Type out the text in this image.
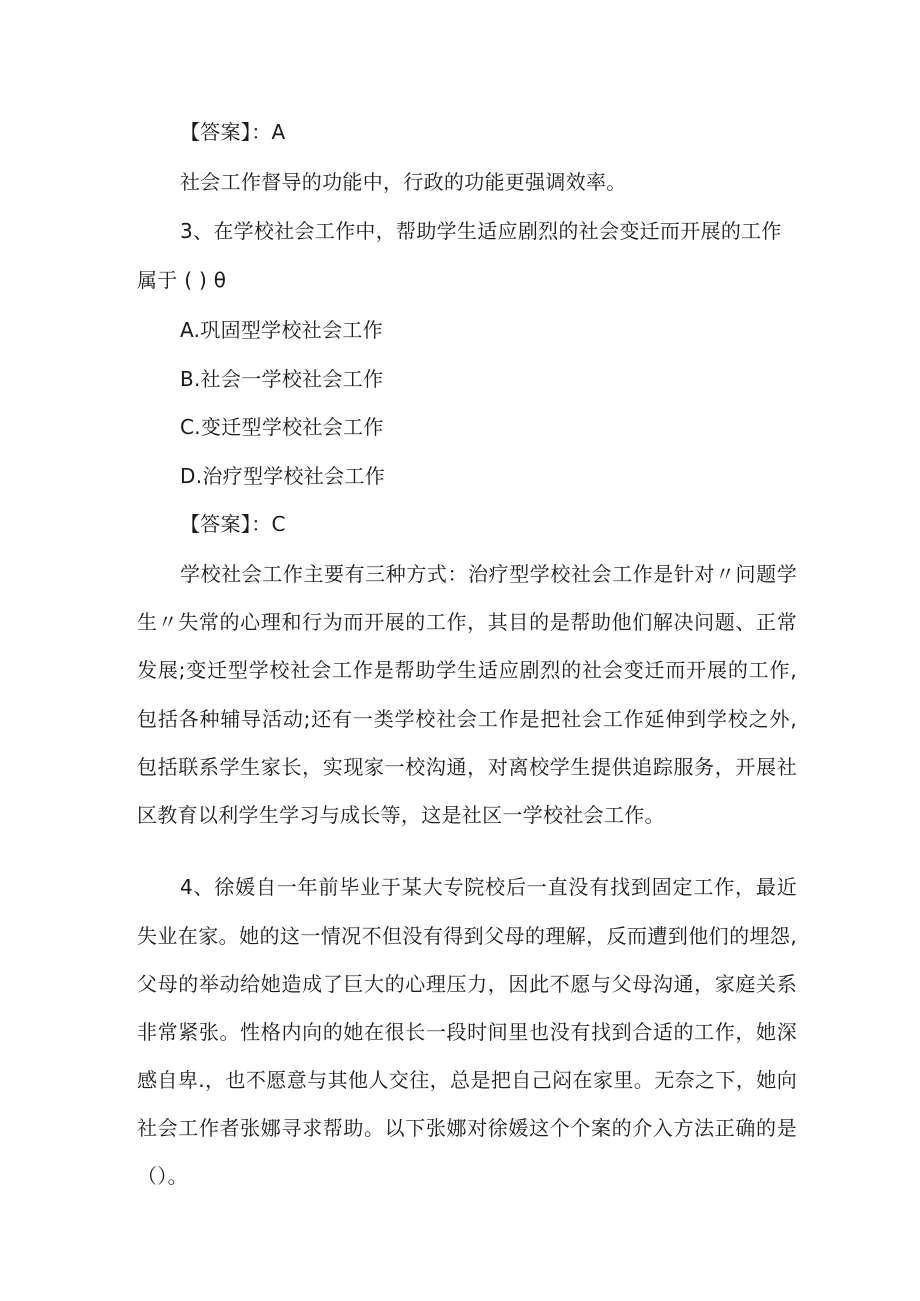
【答案】：A
社会工作督导的功能中，行政的功能更强调效率。
3、在学校社会工作中，帮助学生适应剧烈的社会变迁而开展的工作
属于 ( ) θ
A.巩固型学校社会工作
B.社会一学校社会工作
C.变迁型学校社会工作
D.治疗型学校社会工作
【答案】：C
学校社会工作主要有三种方式：治疗型学校社会工作是针对〃问题学
生〃失常的心理和行为而开展的工作，其目的是帮助他们解决问题、正常
发展;变迁型学校社会工作是帮助学生适应剧烈的社会变迁而开展的工作,
包括各种辅导活动;还有一类学校社会工作是把社会工作延伸到学校之外,
包括联系学生家长，实现家一校沟通，对离校学生提供追踪服务，开展社
区教育以利学生学习与成长等，这是社区一学校社会工作。
4、徐媛自一年前毕业于某大专院校后一直没有找到固定工作，最近
失业在家。她的这一情况不但没有得到父母的理解，反而遭到他们的埋怨,
父母的举动给她造成了巨大的心理压力，因此不愿与父母沟通，家庭关系
非常紧张。性格内向的她在很长一段时间里也没有找到合适的工作，她深
感自卑.，也不愿意与其他人交往，总是把自己闷在家里。无奈之下，她向
社会工作者张娜寻求帮助。以下张娜对徐媛这个个案的介入方法正确的是
（）。
